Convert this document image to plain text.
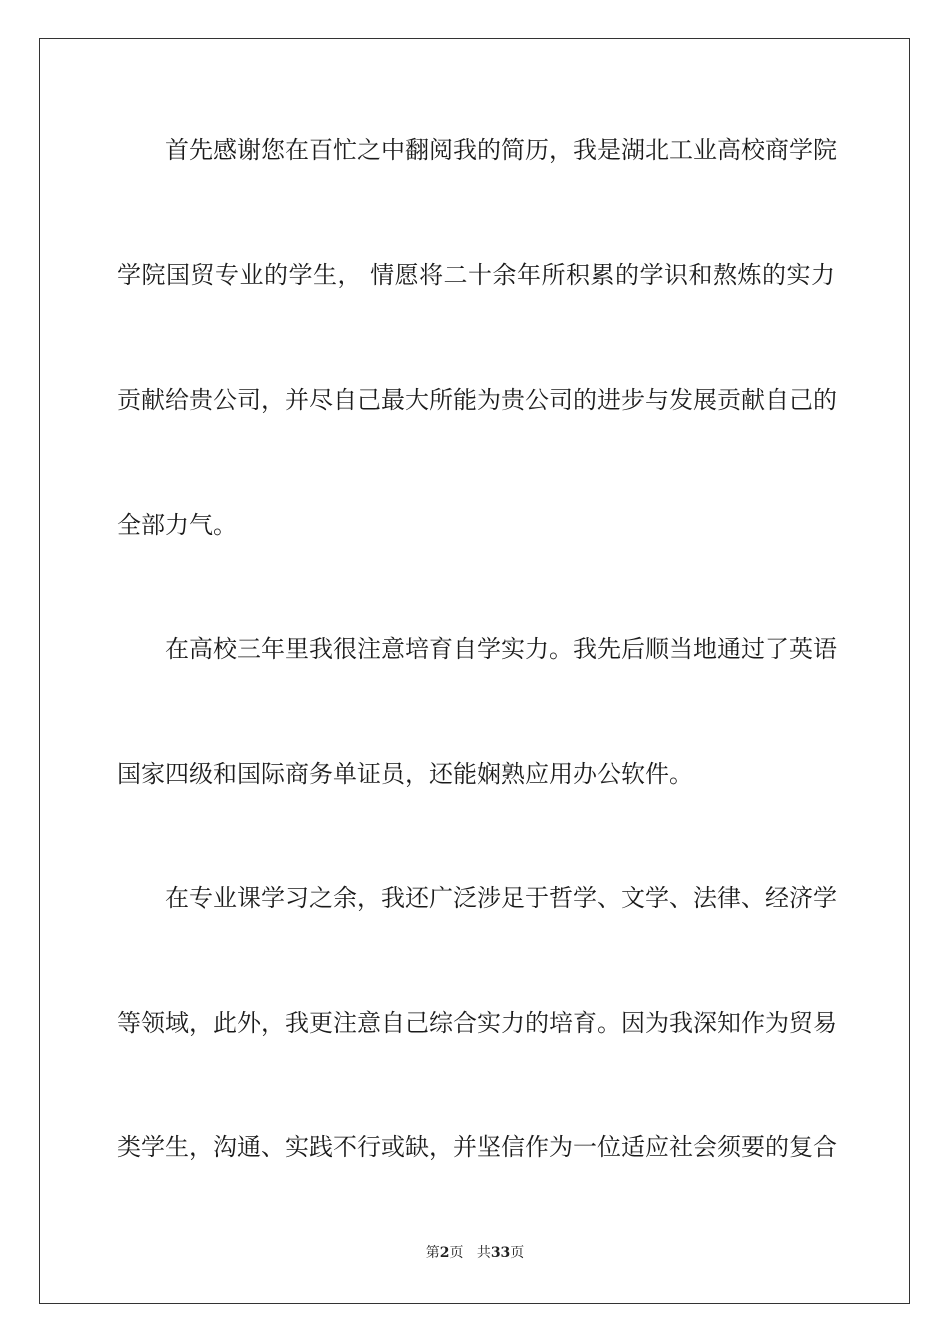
首先感谢您在百忙之中翻阅我的简历，我是湖北工业高校商学院
学院国贸专业的学生， 情愿将二十余年所积累的学识和熬炼的实力
贡献给贵公司，并尽自己最大所能为贵公司的进步与发展贡献自己的
全部力气。
在高校三年里我很注意培育自学实力。我先后顺当地通过了英语
国家四级和国际商务单证员，还能娴熟应用办公软件。
在专业课学习之余，我还广泛涉足于哲学、文学、法律、经济学
等领域，此外，我更注意自己综合实力的培育。因为我深知作为贸易
类学生，沟通、实践不行或缺，并坚信作为一位适应社会须要的复合
第2页 共33页
